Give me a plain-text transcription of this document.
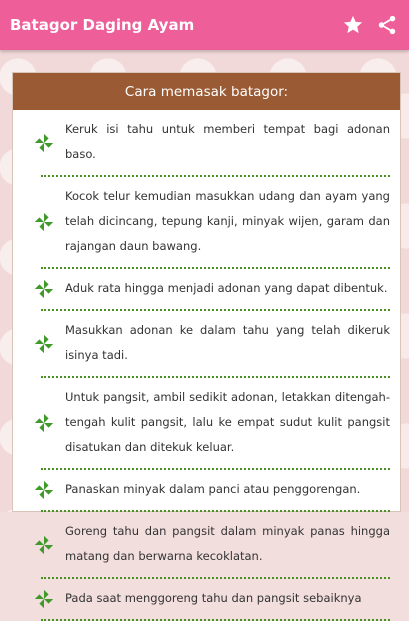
Batagor Daging Ayam
Cara memasak batagor:
Keruk isi tahu untuk memberi tempat bagi adonan baso.
Kocok telur kemudian masukkan udang dan ayam yang telah dicincang, tepung kanji, minyak wijen, garam dan rajangan daun bawang.
Aduk rata hingga menjadi adonan yang dapat dibentuk.
Masukkan adonan ke dalam tahu yang telah dikeruk isinya tadi.
Untuk pangsit, ambil sedikit adonan, letakkan ditengah-tengah kulit pangsit, lalu ke empat sudut kulit pangsit disatukan dan ditekuk keluar.
Panaskan minyak dalam panci atau penggorengan.
Goreng tahu dan pangsit dalam minyak panas hingga matang dan berwarna kecoklatan.
Pada saat menggoreng tahu dan pangsit sebaiknya
